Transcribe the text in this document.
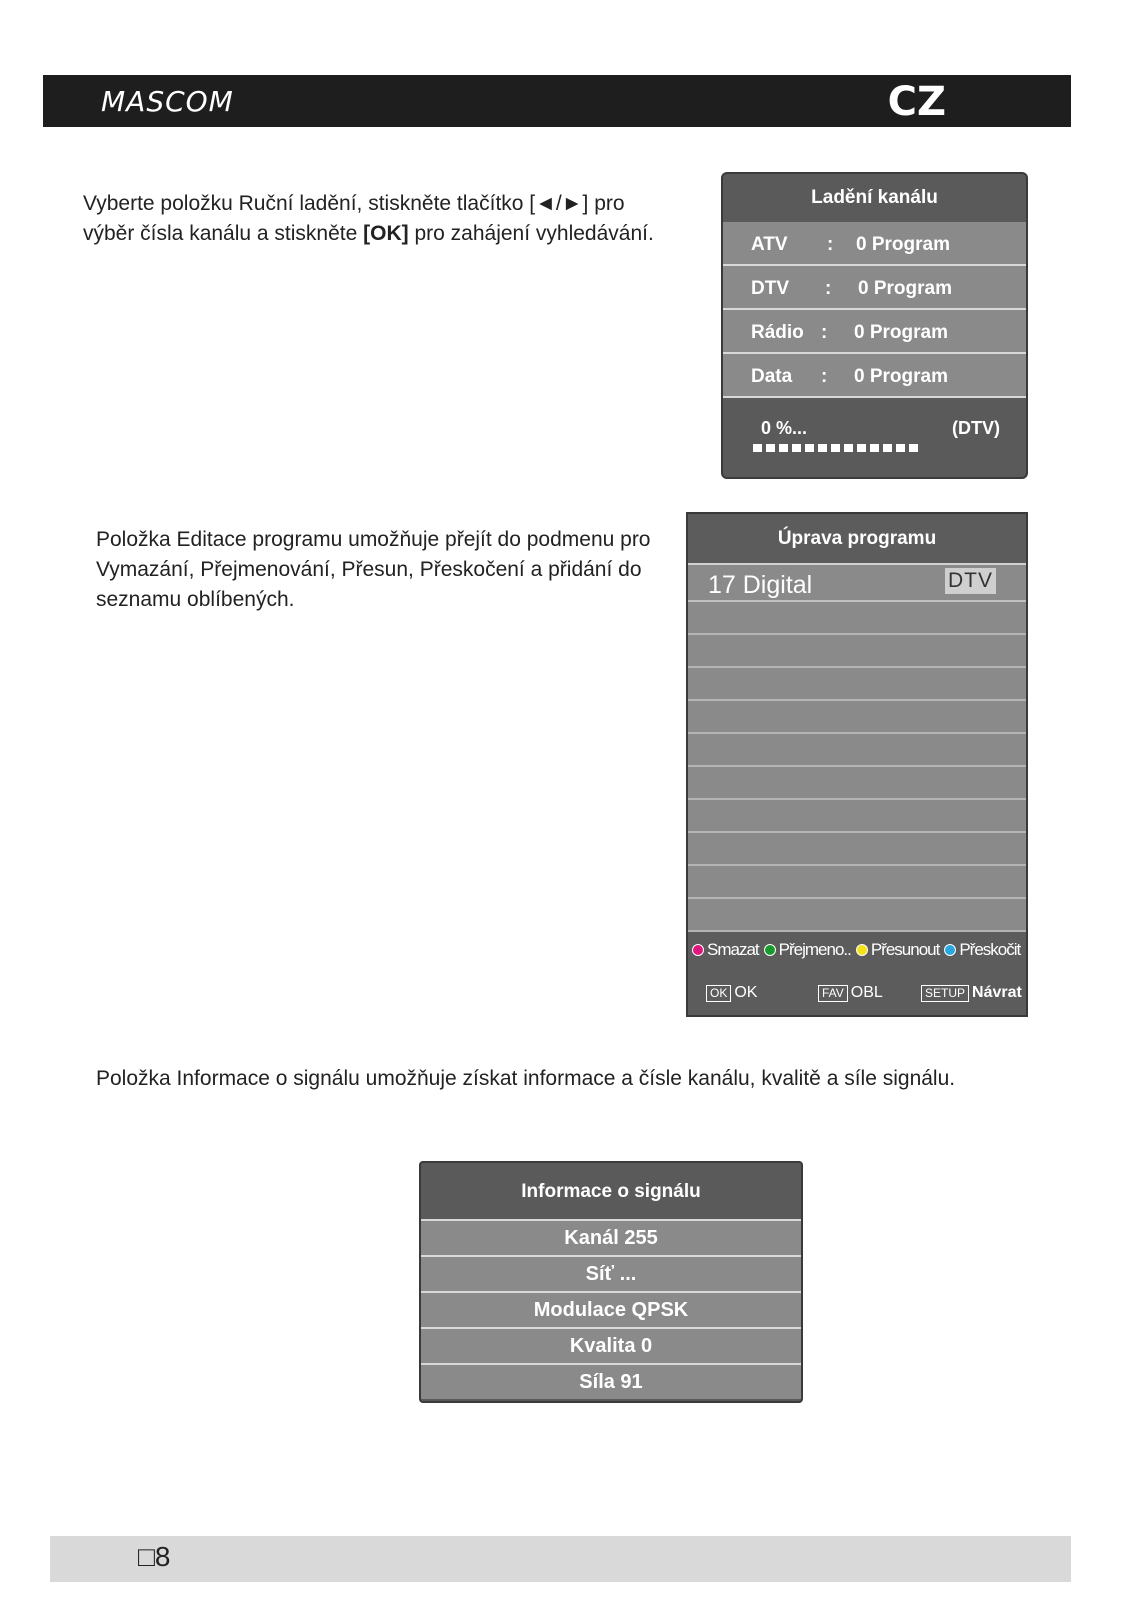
MASCOM	CZ

Vyberte položku Ruční ladění, stiskněte tlačítko [◄/►] pro výběr čísla kanálu a stiskněte [OK] pro zahájení vyhledávání.

Ladění kanálu
ATV : 0 Program
DTV : 0 Program
Rádio : 0 Program
Data : 0 Program
0 %...	(DTV)

Položka Editace programu umožňuje přejít do podmenu pro Vymazání, Přejmenování, Přesun, Přeskočení a přidání do seznamu oblíbených.

Úprava programu
17 Digital	DTV
Smazat Přejmeno.. Přesunout Přeskočit
OK OK	FAV OBL	SETUP Návrat

Položka Informace o signálu umožňuje získat informace a čísle kanálu, kvalitě a síle signálu.

Informace o signálu
Kanál 255
Síť ...
Modulace QPSK
Kvalita 0
Síla 91
□8
